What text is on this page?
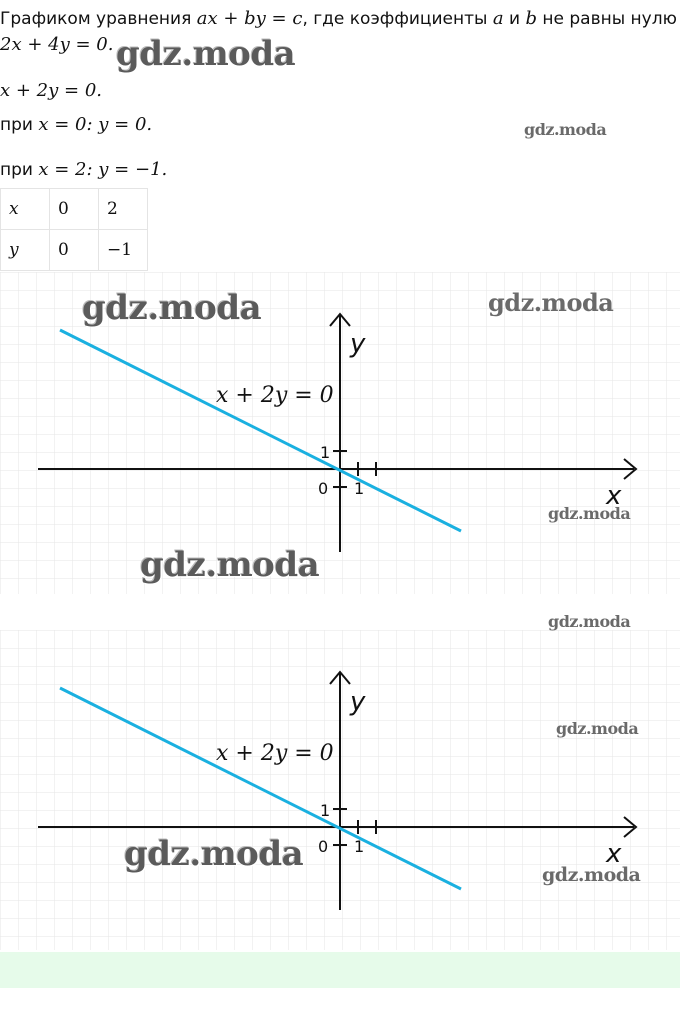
Графиком уравнения ax + by = c, где коэффициенты a и b не равны нулю
2x + 4y = 0.
x + 2y = 0.
при x = 0: y = 0.
при x = 2: y = −1.
x	0	2
y	0	−1
x + 2y = 0
y
x
0 1
1
x + 2y = 0
y
x
0 1
1
gdz.moda
gdz.moda
gdz.moda	gdz.moda
gdz.moda
gdz.moda
gdz.moda
gdz.moda
gdz.moda
gdz.moda
